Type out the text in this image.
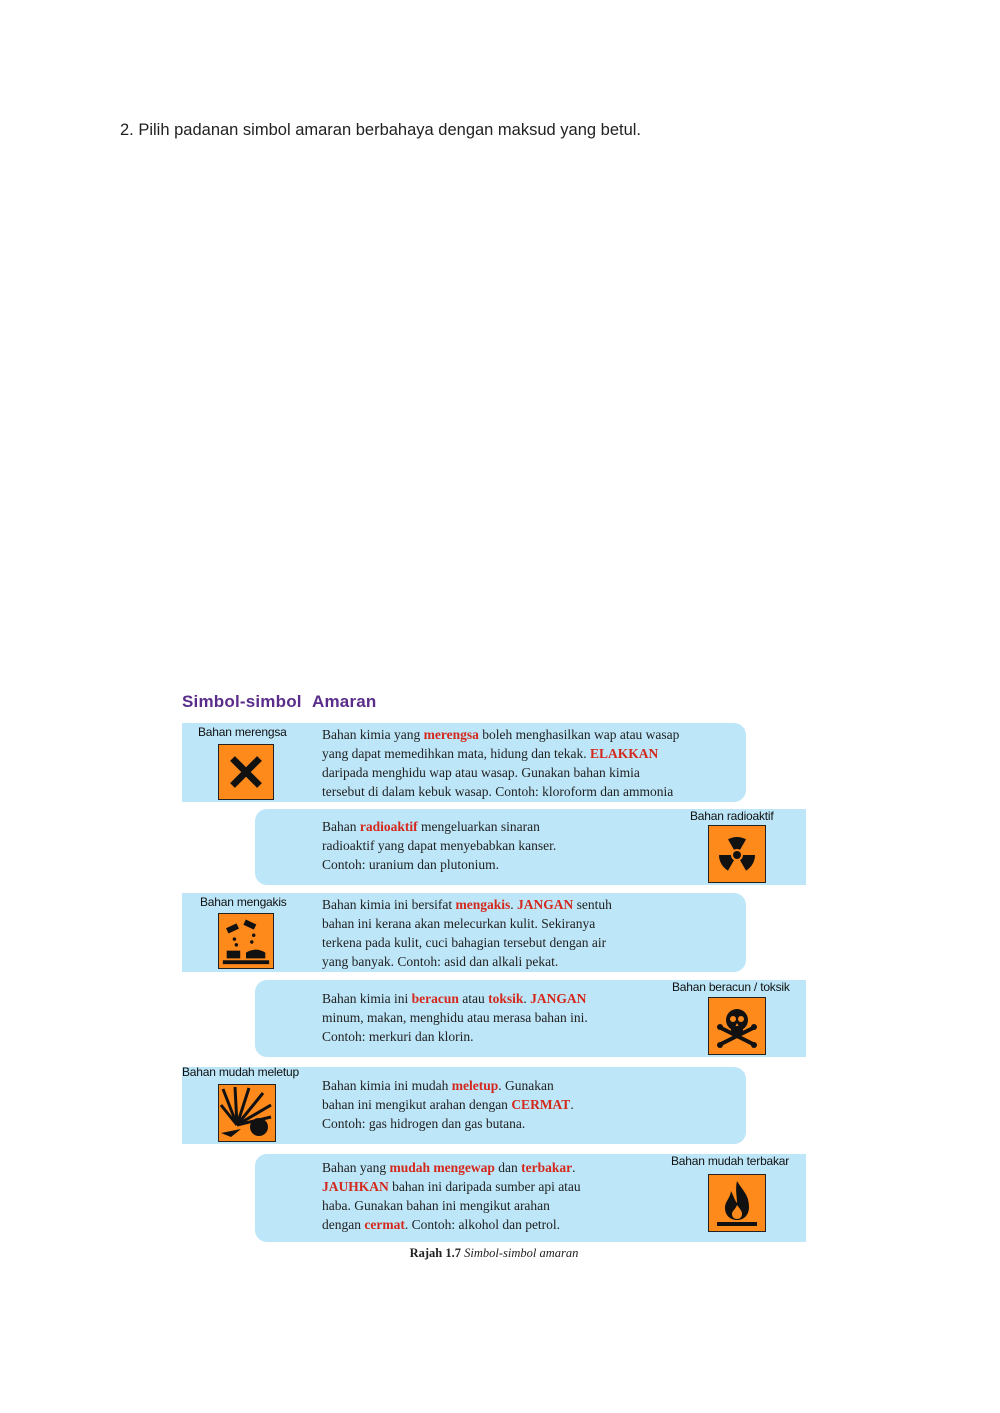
2. Pilih padanan simbol amaran berbahaya dengan maksud yang betul.
Simbol-simbol Amaran
Bahan merengsa	Bahan kimia yang merengsa boleh menghasilkan wap atau wasap
yang dapat memedihkan mata, hidung dan tekak. ELAKKAN
daripada menghidu wap atau wasap. Gunakan bahan kimia
tersebut di dalam kebuk wasap. Contoh: kloroform dan ammonia
Bahan radioaktif
Bahan radioaktif mengeluarkan sinaran
radioaktif yang dapat menyebabkan kanser.
Contoh: uranium dan plutonium.
Bahan mengakis	Bahan kimia ini bersifat mengakis. JANGAN sentuh
bahan ini kerana akan melecurkan kulit. Sekiranya
terkena pada kulit, cuci bahagian tersebut dengan air
yang banyak. Contoh: asid dan alkali pekat.
Bahan beracun / toksik
Bahan kimia ini beracun atau toksik. JANGAN
minum, makan, menghidu atau merasa bahan ini.
Contoh: merkuri dan klorin.
Bahan mudah meletup
Bahan kimia ini mudah meletup. Gunakan
bahan ini mengikut arahan dengan CERMAT.
Contoh: gas hidrogen dan gas butana.
Bahan mudah terbakar
Bahan yang mudah mengewap dan terbakar.
JAUHKAN bahan ini daripada sumber api atau
haba. Gunakan bahan ini mengikut arahan
dengan cermat. Contoh: alkohol dan petrol.
Rajah 1.7 Simbol-simbol amaran
